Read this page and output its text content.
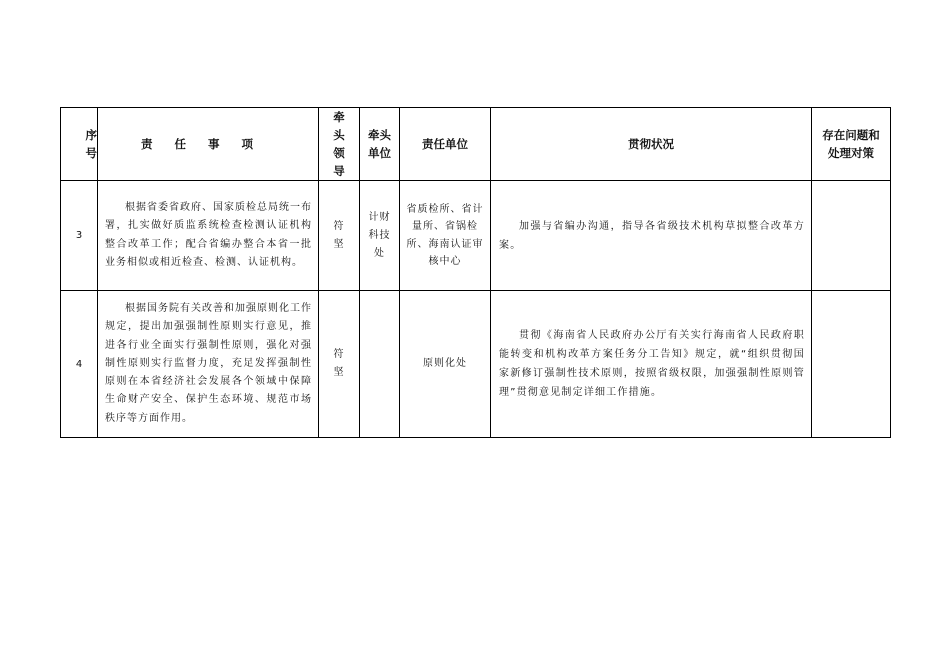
序号	责任事项	牵头领导	牵头单位	责任单位	贯彻状况	存在问题和处理对策
3	根据省委省政府、国家质检总局统一布署，扎实做好质监系统检查检测认证机构整合改革工作；配合省编办整合本省一批业务相似或相近检查、检测、认证机构。	符坚	计财科技处	省质检所、省计量所、省锅检所、海南认证审核中心	加强与省编办沟通，指导各省级技术机构草拟整合改革方案。	

4	根据国务院有关改善和加强原则化工作规定，提出加强强制性原则实行意见，推进各行业全面实行强制性原则，强化对强制性原则实行监督力度，充足发挥强制性原则在本省经济社会发展各个领域中保障生命财产安全、保护生态环境、规范市场秩序等方面作用。	符坚		原则化处	贯彻《海南省人民政府办公厅有关实行海南省人民政府职能转变和机构改革方案任务分工告知》规定，就“组织贯彻国家新修订强制性技术原则，按照省级权限，加强强制性原则管理”贯彻意见制定详细工作措施。	
